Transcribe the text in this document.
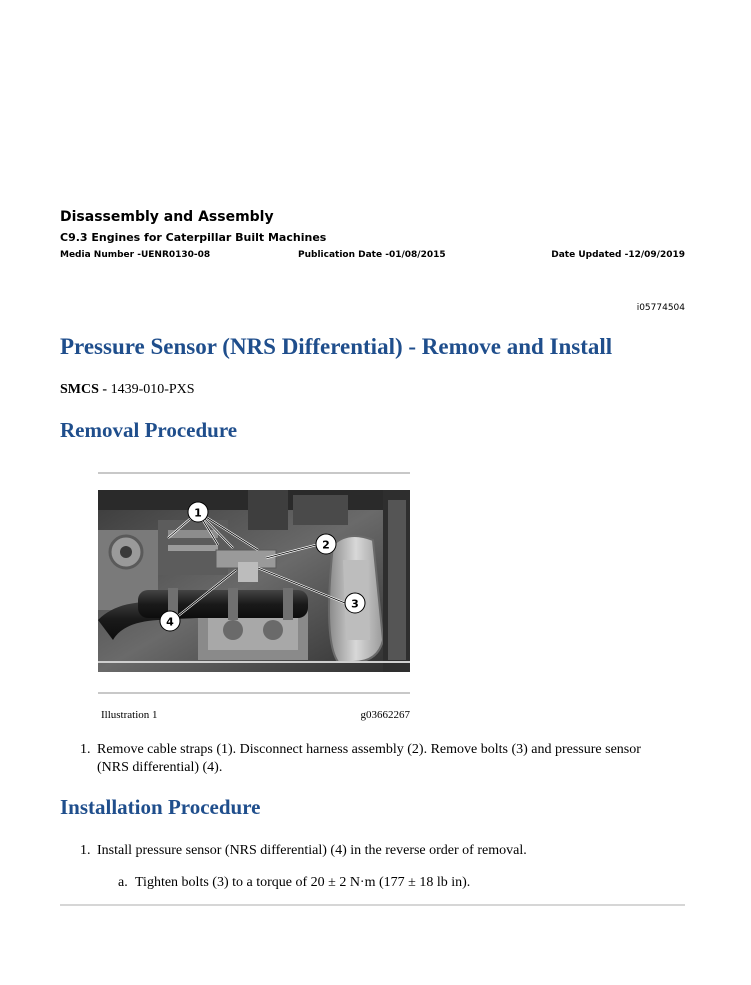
Disassembly and Assembly
C9.3 Engines for Caterpillar Built Machines
Media Number -UENR0130-08	Publication Date -01/08/2015	Date Updated -12/09/2019
i05774504
Pressure Sensor (NRS Differential) - Remove and Install
SMCS - 1439-010-PXS
Removal Procedure
1
2
3
4
Illustration 1	g03662267
1. Remove cable straps (1). Disconnect harness assembly (2). Remove bolts (3) and pressure sensor (NRS differential) (4).
Installation Procedure
1. Install pressure sensor (NRS differential) (4) in the reverse order of removal.
a. Tighten bolts (3) to a torque of 20 ± 2 N·m (177 ± 18 lb in).
